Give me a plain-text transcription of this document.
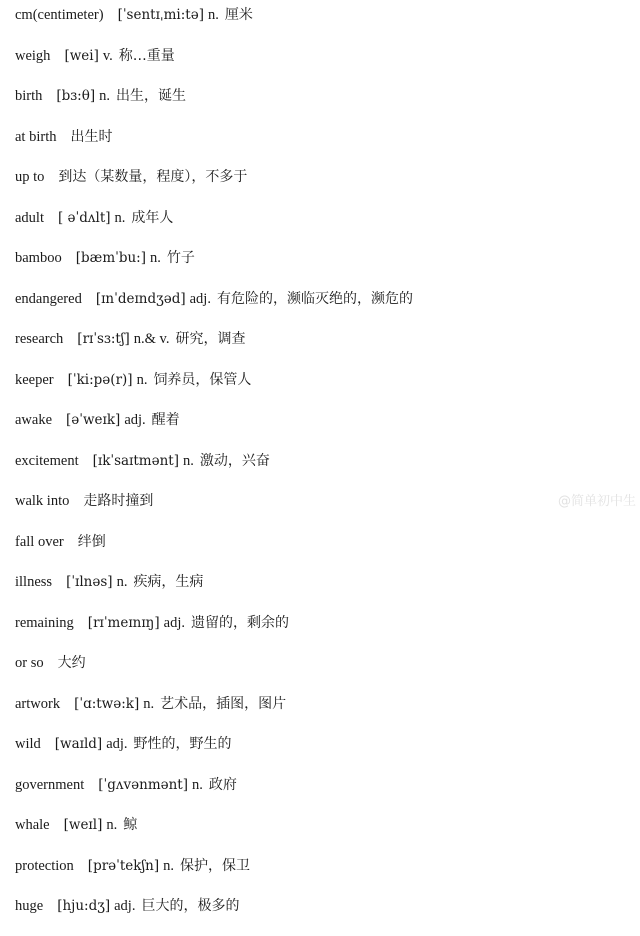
cm(centimeter) [ˈsentɪˌmi:tə] n. 厘米
weigh [wei] v. 称…重量
birth [bɜ:θ] n. 出生，诞生
at birth 出生时
up to 到达（某数量，程度），不多于
adult [ əˈdʌlt] n. 成年人
bamboo [bæmˈbu:] n. 竹子
endangered [ɪnˈdeɪndʒəd] adj. 有危险的，濒临灭绝的，濒危的
research [rɪˈsɜ:tʃ] n.& v. 研究，调查
keeper [ˈki:pə(r)] n. 饲养员，保管人
awake [əˈweɪk] adj. 醒着
excitement [ɪkˈsaɪtmənt] n. 激动，兴奋
walk into 走路时撞到
fall over 绊倒
illness [ˈɪlnəs] n. 疾病，生病
remaining [rɪˈmeɪnɪŋ] adj. 遗留的，剩余的
or so 大约
artwork [ˈɑ:twə:k] n. 艺术品，插图，图片
wild [waɪld] adj. 野性的，野生的
government [ˈgʌvənmənt] n. 政府
whale [weɪl] n. 鲸
protection [prəˈtekʃn] n. 保护，保卫
huge [hju:dʒ] adj. 巨大的，极多的
@简单初中生
